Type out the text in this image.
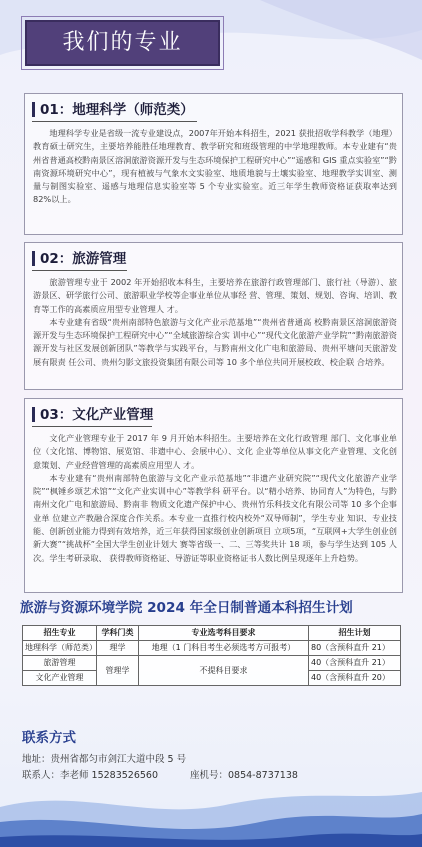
我们的专业
01：地理科学（师范类）

地理科学专业是省级一流专业建设点，2007年开始本科招生，2021 获批招收学科教学（地理）教育硕士研究生，主要培养能胜任地理教育、教学研究和班级管理的中学地理教师。本专业建有“贵州省普通高校黔南景区溶洞旅游资源开发与生态环境保护工程研究中心”“遥感和 GIS 重点实验室”“黔南资源环境研究中心”，现有植被与气象水文实验室、地质地貌与土壤实验室、地理教学实训室、测量与制图实验室、遥感与地理信息实验室等 5 个专业实验室。近三年学生教师资格证获取率达到82%以上。

02：旅游管理

旅游管理专业于 2002 年开始招收本科生，主要培养在旅游行政管理部门、旅行社（导游）、旅游景区、研学旅行公司、旅游职业学校等企事业单位从事经 营、管理、策划、规划、咨询、培训、教育等工作的高素质应用型专业管理人 才。

本专业建有省级“贵州南部特色旅游与文化产业示范基地”“贵州省普通高 校黔南景区溶洞旅游资源开发与生态环境保护工程研究中心”“全域旅游综合实 训中心”“现代文化旅游产业学院”“黔南旅游资源开发与社区发展创新团队”等教学与实践平台，与黔南州文化广电和旅游局、贵州平塘问天旅游发展有限责 任公司、贵州匀影文旅投资集团有限公司等 10 多个单位共同开展校政、校企联 合培养。

03：文化产业管理

文化产业管理专业于 2017 年 9 月开始本科招生。主要培养在文化行政管理 部门、文化事业单位（文化馆、博物馆、展览馆、非遗中心、会展中心）、文化 企业等单位从事文化产业管理、文化创意策划、产业经营管理的高素质应用型人 才。

本专业建有“贵州南部特色旅游与文化产业示范基地”“非遗产业研究院”“现代文化旅游产业学院”“枫锤乡颂艺术馆”“文化产业实训中心”等教学科 研平台。以“精小培养、协同育人”为特色，与黔南州文化广电和旅游局、黔南非 物质文化遗产保护中心、贵州竹乐科技文化有限公司等 10 多个企事业单 位建立产教融合深度合作关系。本专业一直推行校内校外“双导师制”，学生专业 知识、专业技能、创新创业能力得到有效培养，近三年获得国家级创业创新项目 立项5项，“互联网+大学生创业创新大赛”“挑战杯”全国大学生创业计划大 赛等省级一、二、三等奖共计 18 项，参与学生达到 105 人次。学生考研录取、 获得教师资格证、导游证等职业资格证书人数比例呈现逐年上升趋势。

旅游与资源环境学院 2024 年全日制普通本科招生计划
招生专业	学科门类	专业选考科目要求	招生计划
地理科学（师范类）	理学	地理（1 门科目考生必须选考方可报考）	80（含预科直升 21）
旅游管理	管理学	不提科目要求	40（含预科直升 21）
文化产业管理			40（含预科直升 20）
联系方式
地址：贵州省都匀市剑江大道中段 5 号
联系人：李老师 15283526560	座机号：0854-8737138
